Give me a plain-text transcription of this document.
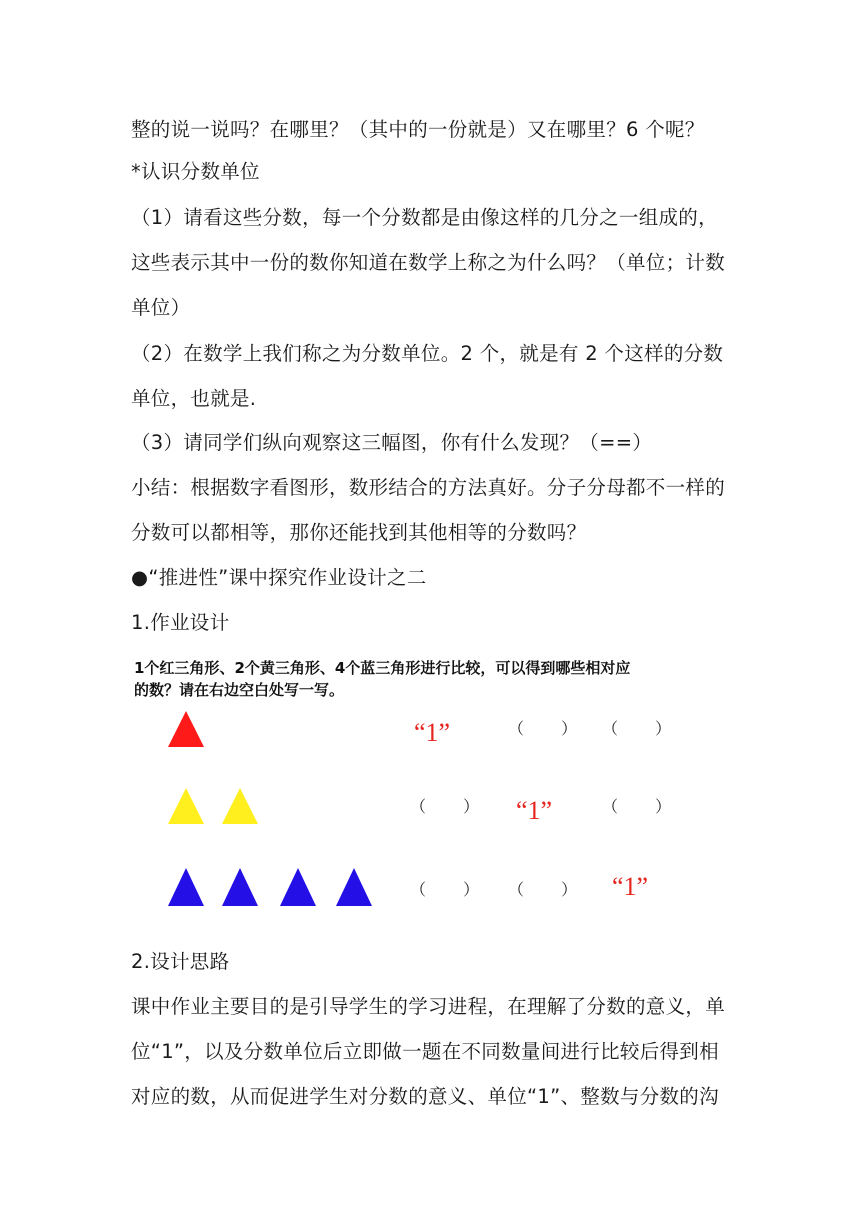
整的说一说吗？在哪里？（其中的一份就是）又在哪里？6 个呢？
*认识分数单位
（1）请看这些分数，每一个分数都是由像这样的几分之一组成的，
这些表示其中一份的数你知道在数学上称之为什么吗？（单位；计数
单位）
（2）在数学上我们称之为分数单位。2 个，就是有 2 个这样的分数
单位，也就是.
（3）请同学们纵向观察这三幅图，你有什么发现？（==）
小结：根据数字看图形，数形结合的方法真好。分子分母都不一样的
分数可以都相等，那你还能找到其他相等的分数吗？
●“推进性”课中探究作业设计之二
1.作业设计
1个红三角形、2个黄三角形、4个蓝三角形进行比较，可以得到哪些相对应
的数？请在右边空白处写一写。
“1”	（ ） （ ）
（ ） “1”	（ ）
（ ） （ ） “1”
2.设计思路
课中作业主要目的是引导学生的学习进程，在理解了分数的意义，单
位“1”，以及分数单位后立即做一题在不同数量间进行比较后得到相
对应的数，从而促进学生对分数的意义、单位“1”、整数与分数的沟
